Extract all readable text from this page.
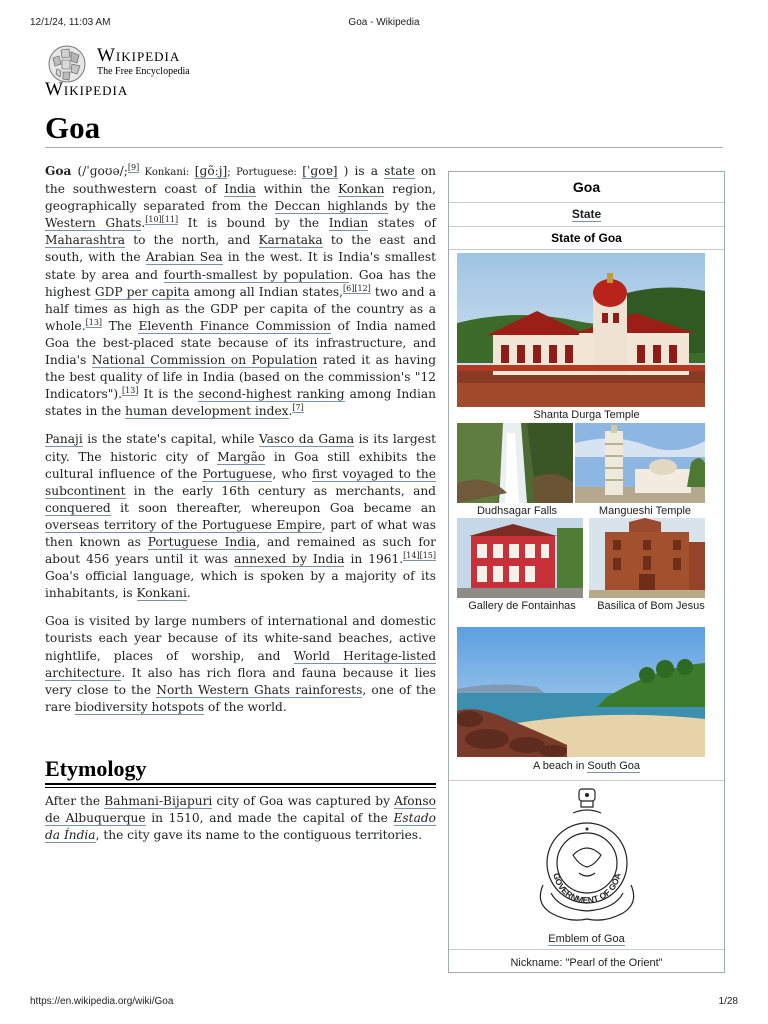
12/1/24, 11:03 AM	Goa - Wikipedia
Wikipedia
The Free Encyclopedia
Wikipedia
Goa

Goa (/ˈɡoʊə/;[9] Konkani: [ɡõːj]; Portuguese: [ˈɡoɐ] ) is a state on the southwestern coast of India within the Konkan region, geographically separated from the Deccan highlands by the Western Ghats.[10][11] It is bound by the Indian states of Maharashtra to the north, and Karnataka to the east and south, with the Arabian Sea in the west. It is India's smallest state by area and fourth-smallest by population. Goa has the highest GDP per capita among all Indian states,[6][12] two and a half times as high as the GDP per capita of the country as a whole.[13] The Eleventh Finance Commission of India named Goa the best-placed state because of its infrastructure, and India's National Commission on Population rated it as having the best quality of life in India (based on the commission's "12 Indicators").[13] It is the second-highest ranking among Indian states in the human development index.[7]

Panaji is the state's capital, while Vasco da Gama is its largest city. The historic city of Margão in Goa still exhibits the cultural influence of the Portuguese, who first voyaged to the subcontinent in the early 16th century as merchants, and conquered it soon thereafter, whereupon Goa became an overseas territory of the Portuguese Empire, part of what was then known as Portuguese India, and remained as such for about 456 years until it was annexed by India in 1961.[14][15] Goa's official language, which is spoken by a majority of its inhabitants, is Konkani.

Goa is visited by large numbers of international and domestic tourists each year because of its white-sand beaches, active nightlife, places of worship, and World Heritage-listed architecture. It also has rich flora and fauna because it lies very close to the North Western Ghats rainforests, one of the rare biodiversity hotspots of the world.

Etymology
After the Bahmani-Bijapuri city of Goa was captured by Afonso de Albuquerque in 1510, and made the capital of the Estado da Índia, the city gave its name to the contiguous territories.
Goa
State
State of Goa
Shanta Durga Temple
Dudhsagar Falls	Mangueshi Temple
Gallery de Fontainhas	Basilica of Bom Jesus
A beach in South Goa
GOVERNMENT OF GOA
Emblem of Goa
Nickname: "Pearl of the Orient"
https://en.wikipedia.org/wiki/Goa	1/28
